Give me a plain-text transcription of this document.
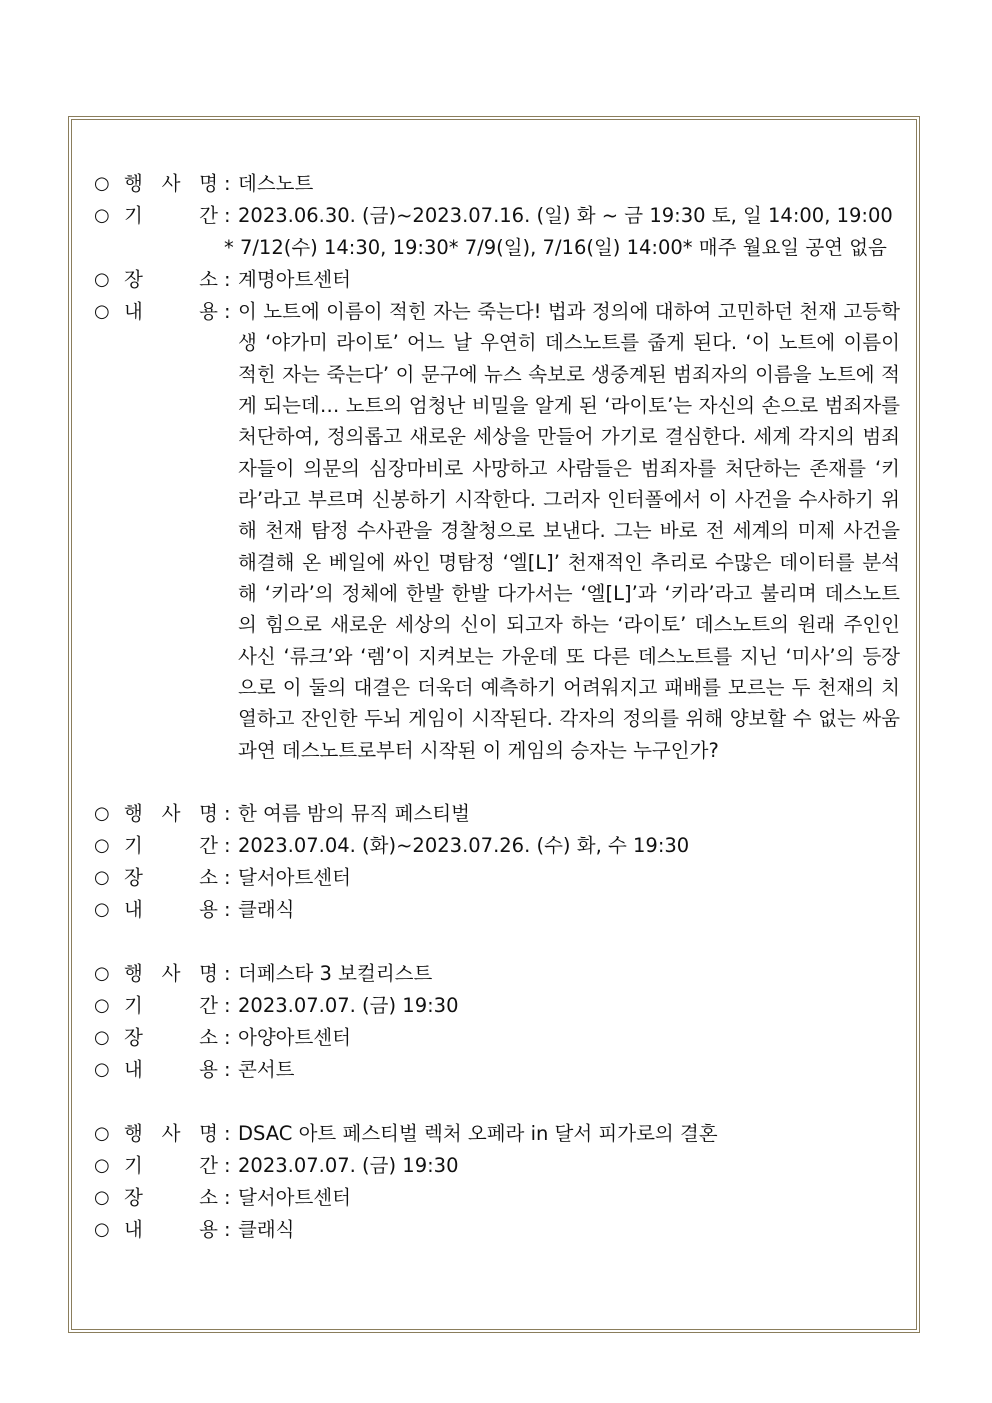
○ 행 사 명 : 데스노트
○ 기	간 : 2023.06.30. (금)~2023.07.16. (일) 화 ~ 금 19:30 토, 일 14:00, 19:00
* 7/12(수) 14:30, 19:30* 7/9(일), 7/16(일) 14:00* 매주 월요일 공연 없음
○ 장	소 : 계명아트센터
○ 내	용 : 이 노트에 이름이 적힌 자는 죽는다! 법과 정의에 대하여 고민하던 천재 고등학생 ‘야가미 라이토’ 어느 날 우연히 데스노트를 줍게 된다. ‘이 노트에 이름이 적힌 자는 죽는다’ 이 문구에 뉴스 속보로 생중계된 범죄자의 이름을 노트에 적게 되는데… 노트의 엄청난 비밀을 알게 된 ‘라이토’는 자신의 손으로 범죄자를 처단하여, 정의롭고 새로운 세상을 만들어 가기로 결심한다. 세계 각지의 범죄자들이 의문의 심장마비로 사망하고 사람들은 범죄자를 처단하는 존재를 ‘키라’라고 부르며 신봉하기 시작한다. 그러자 인터폴에서 이 사건을 수사하기 위해 천재 탐정 수사관을 경찰청으로 보낸다. 그는 바로 전 세계의 미제 사건을 해결해 온 베일에 싸인 명탐정 ‘엘[L]’ 천재적인 추리로 수많은 데이터를 분석해 ‘키라’의 정체에 한발 한발 다가서는 ‘엘[L]’과 ‘키라’라고 불리며 데스노트의 힘으로 새로운 세상의 신이 되고자 하는 ‘라이토’ 데스노트의 원래 주인인 사신 ‘류크’와 ‘렘’이 지켜보는 가운데 또 다른 데스노트를 지닌 ‘미사’의 등장으로 이 둘의 대결은 더욱더 예측하기 어려워지고 패배를 모르는 두 천재의 치열하고 잔인한 두뇌 게임이 시작된다. 각자의 정의를 위해 양보할 수 없는 싸움 과연 데스노트로부터 시작된 이 게임의 승자는 누구인가?
○ 행 사 명 : 한 여름 밤의 뮤직 페스티벌
○ 기	간 : 2023.07.04. (화)~2023.07.26. (수) 화, 수 19:30
○ 장	소 : 달서아트센터
○ 내	용 : 클래식
○ 행 사 명 : 더페스타 3 보컬리스트
○ 기	간 : 2023.07.07. (금) 19:30
○ 장	소 : 아양아트센터
○ 내	용 : 콘서트
○ 행 사 명 : DSAC 아트 페스티벌 렉처 오페라 in 달서 피가로의 결혼
○ 기	간 : 2023.07.07. (금) 19:30
○ 장	소 : 달서아트센터
○ 내	용 : 클래식
